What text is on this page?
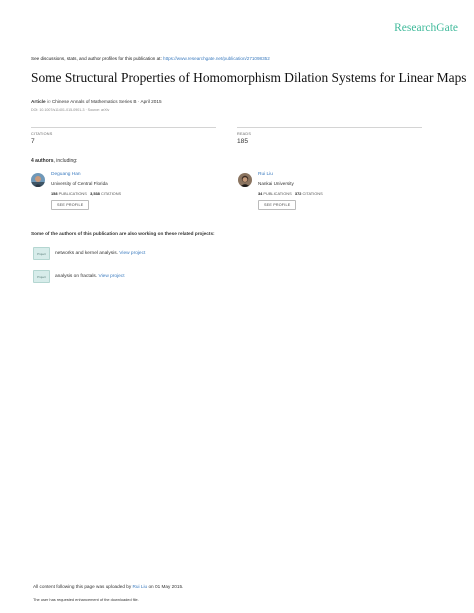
ResearchGate
See discussions, stats, and author profiles for this publication at: https://www.researchgate.net/publication/271098352
Some Structural Properties of Homomorphism Dilation Systems for Linear Maps
Article in Chinese Annals of Mathematics Series B · April 2015
DOI: 10.1007/s11401-015-0901-3 · Source: arXiv
CITATIONS
7
READS
185
4 authors, including:
Deguang Han
University of Central Florida
158 PUBLICATIONS 3,538 CITATIONS
SEE PROFILE
Rui Liu
Nankai University
34 PUBLICATIONS 372 CITATIONS
SEE PROFILE
Some of the authors of this publication are also working on these related projects:
Project networks and kernel analysis. View project
Project analysis on fractals. View project
All content following this page was uploaded by Rui Liu on 01 May 2015.
The user has requested enhancement of the downloaded file.
